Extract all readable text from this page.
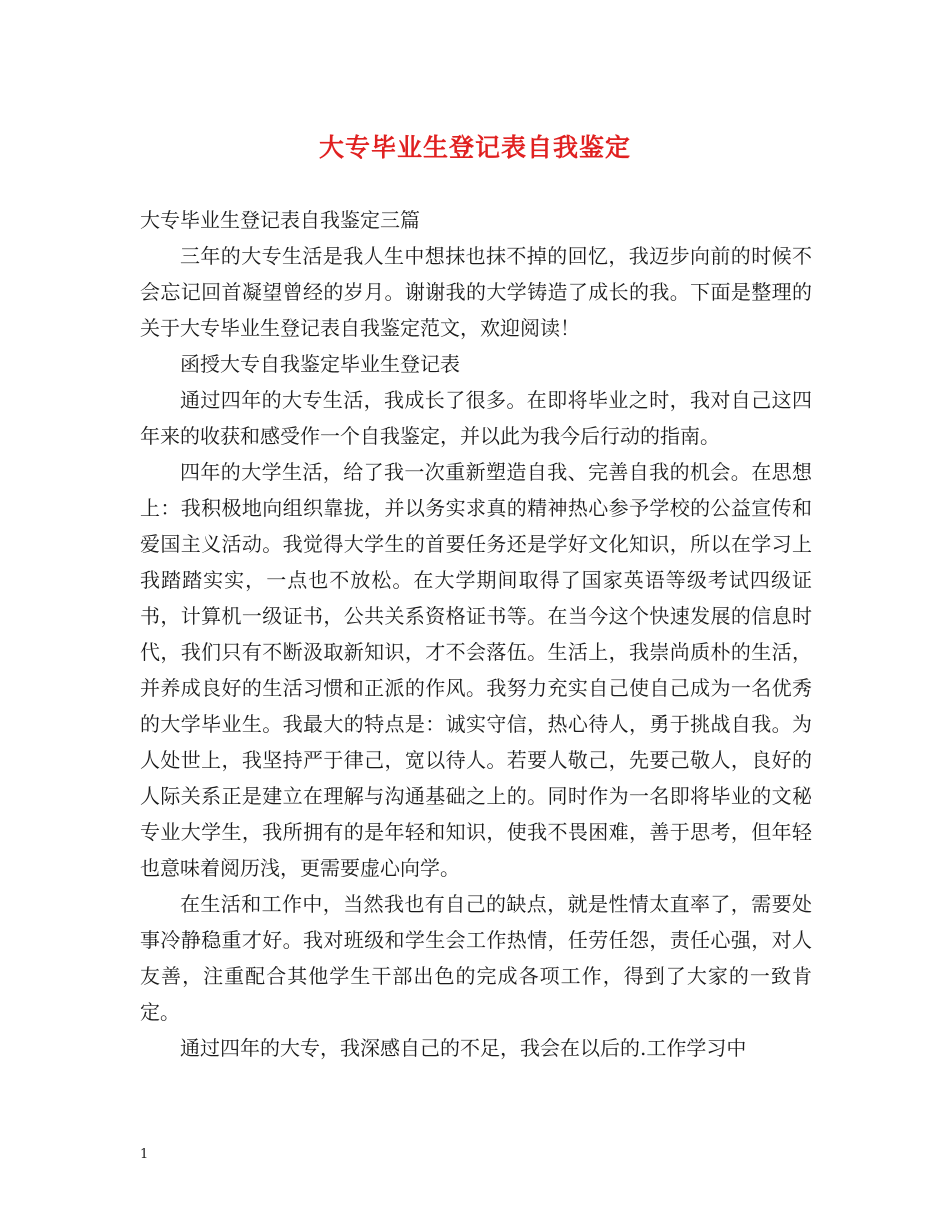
大专毕业生登记表自我鉴定

大专毕业生登记表自我鉴定三篇

三年的大专生活是我人生中想抹也抹不掉的回忆，我迈步向前的时候不会忘记回首凝望曾经的岁月。谢谢我的大学铸造了成长的我。下面是整理的关于大专毕业生登记表自我鉴定范文，欢迎阅读！

函授大专自我鉴定毕业生登记表

通过四年的大专生活，我成长了很多。在即将毕业之时，我对自己这四年来的收获和感受作一个自我鉴定，并以此为我今后行动的指南。

四年的大学生活，给了我一次重新塑造自我、完善自我的机会。在思想上：我积极地向组织靠拢，并以务实求真的精神热心参予学校的公益宣传和爱国主义活动。我觉得大学生的首要任务还是学好文化知识，所以在学习上我踏踏实实，一点也不放松。在大学期间取得了国家英语等级考试四级证书，计算机一级证书，公共关系资格证书等。在当今这个快速发展的信息时代，我们只有不断汲取新知识，才不会落伍。生活上，我崇尚质朴的生活，并养成良好的生活习惯和正派的作风。我努力充实自己使自己成为一名优秀的大学毕业生。我最大的特点是：诚实守信，热心待人，勇于挑战自我。为人处世上，我坚持严于律己，宽以待人。若要人敬己，先要己敬人，良好的人际关系正是建立在理解与沟通基础之上的。同时作为一名即将毕业的文秘专业大学生，我所拥有的是年轻和知识，使我不畏困难，善于思考，但年轻也意味着阅历浅，更需要虚心向学。

在生活和工作中，当然我也有自己的缺点，就是性情太直率了，需要处事冷静稳重才好。我对班级和学生会工作热情，任劳任怨，责任心强，对人友善，注重配合其他学生干部出色的完成各项工作，得到了大家的一致肯定。

通过四年的大专，我深感自己的不足，我会在以后的.工作学习中

1
